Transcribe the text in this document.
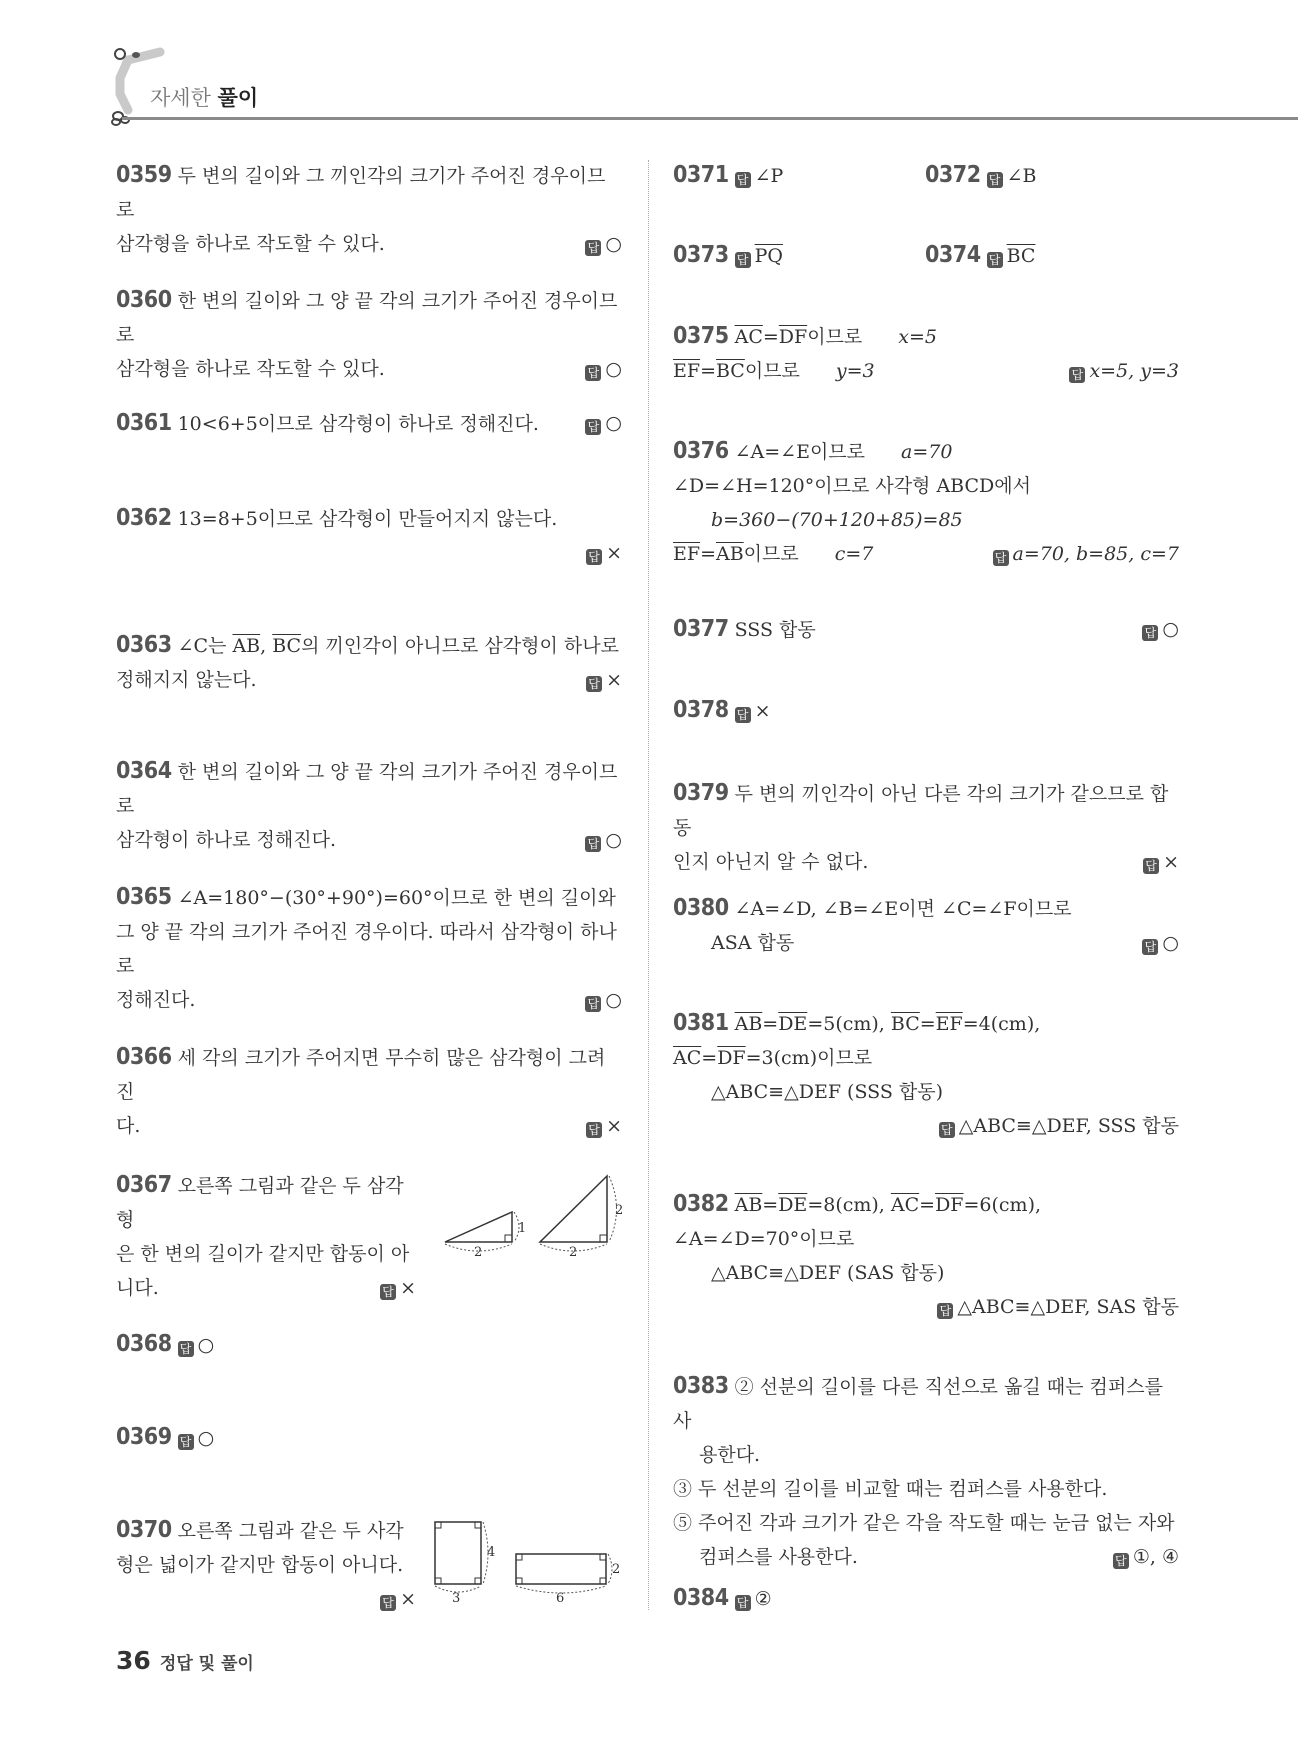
자세한 풀이
0359 두 변의 길이와 그 끼인각의 크기가 주어진 경우이므로
삼각형을 하나로 작도할 수 있다.	답 ○
0360 한 변의 길이와 그 양 끝 각의 크기가 주어진 경우이므로
삼각형을 하나로 작도할 수 있다.	답 ○
0361 10<6+5이므로 삼각형이 하나로 정해진다.	답 ○
0362 13=8+5이므로 삼각형이 만들어지지 않는다.
답 ×
0363 ∠C는 $\overline{AB}$, $\overline{BC}$의 끼인각이 아니므로 삼각형이 하나로
정해지지 않는다.	답 ×
0364 한 변의 길이와 그 양 끝 각의 크기가 주어진 경우이므로
삼각형이 하나로 정해진다.	답 ○
0365 ∠A=180°−(30°+90°)=60°이므로 한 변의 길이와
그 양 끝 각의 크기가 주어진 경우이다. 따라서 삼각형이 하나로
정해진다.	답 ○
0366 세 각의 크기가 주어지면 무수히 많은 삼각형이 그려진
다.	답 ×
0367 오른쪽 그림과 같은 두 삼각형
은 한 변의 길이가 같지만 합동이 아
니다.	답 ×
2
1
2
2
0368 답 ○
0369 답 ○
0370 오른쪽 그림과 같은 두 사각
형은 넓이가 같지만 합동이 아니다.
답 ×
4
3
2
6
0371 답 ∠P	0372 답 ∠B
0373 답 $\overline{PQ}$	0374 답 $\overline{BC}$
0375 $\overline{AC}=\overline{DF}$이므로 x=5
$\overline{EF}=\overline{BC}$이므로 y=3	답 x=5, y=3
0376 ∠A=∠E이므로 a=70
∠D=∠H=120°이므로 사각형 ABCD에서
b=360−(70+120+85)=85
$\overline{EF}=\overline{AB}$이므로 c=7	답 a=70, b=85, c=7
0377 SSS 합동	답 ○
0378 답 ×
0379 두 변의 끼인각이 아닌 다른 각의 크기가 같으므로 합동
인지 아닌지 알 수 없다.	답 ×
0380 ∠A=∠D, ∠B=∠E이면 ∠C=∠F이므로
ASA 합동	답 ○
0381 $\overline{AB}=\overline{DE}=5(cm)$, $\overline{BC}=\overline{EF}=4(cm)$,
$\overline{AC}=\overline{DF}=3(cm)$이므로
△ABC≡△DEF (SSS 합동)
답 △ABC≡△DEF, SSS 합동
0382 $\overline{AB}=\overline{DE}=8(cm)$, $\overline{AC}=\overline{DF}=6(cm)$,
∠A=∠D=70°이므로
△ABC≡△DEF (SAS 합동)
답 △ABC≡△DEF, SAS 합동
0383 ② 선분의 길이를 다른 직선으로 옮길 때는 컴퍼스를 사
용한다.
③ 두 선분의 길이를 비교할 때는 컴퍼스를 사용한다.
⑤ 주어진 각과 크기가 같은 각을 작도할 때는 눈금 없는 자와
컴퍼스를 사용한다.	답 ①, ④
0384 답 ②
36 정답 및 풀이
